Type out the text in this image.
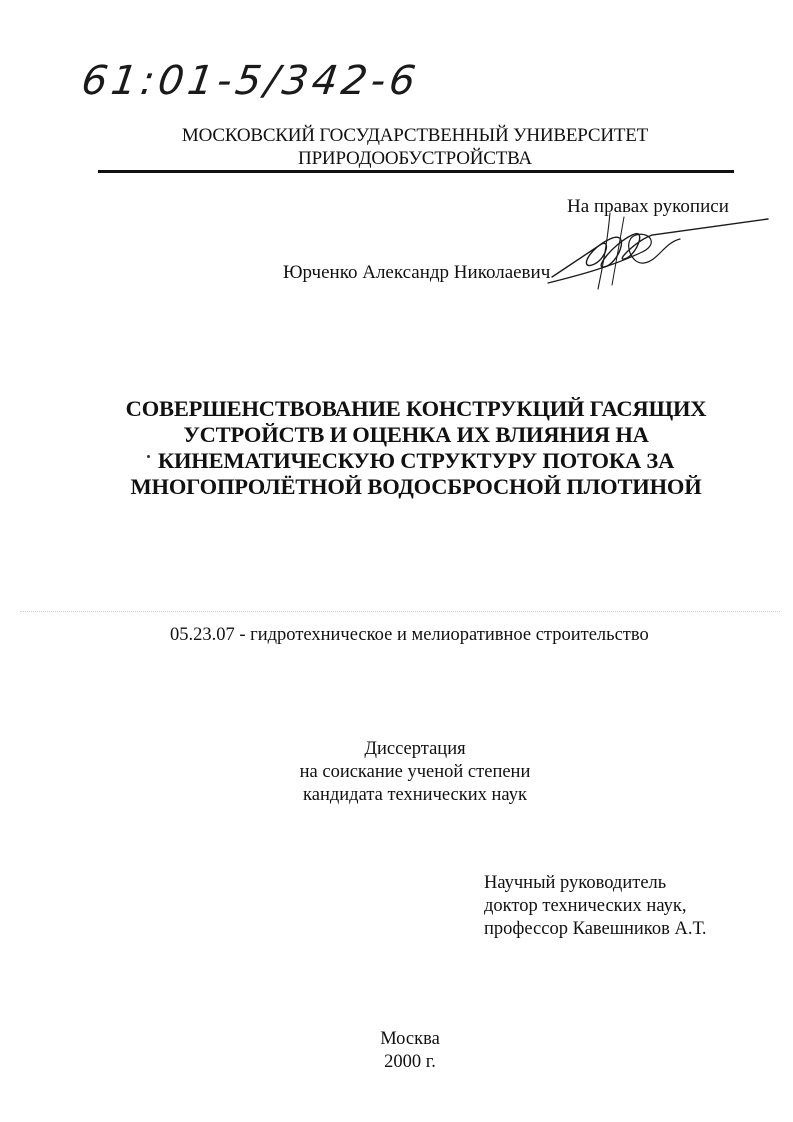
61:01-5/342-6
МОСКОВСКИЙ ГОСУДАРСТВЕННЫЙ УНИВЕРСИТЕТ
ПРИРОДООБУСТРОЙСТВА
На правах рукописи
Юрченко Александр Николаевич
СОВЕРШЕНСТВОВАНИЕ КОНСТРУКЦИЙ ГАСЯЩИХ
УСТРОЙСТВ И ОЦЕНКА ИХ ВЛИЯНИЯ НА
КИНЕМАТИЧЕСКУЮ СТРУКТУРУ ПОТОКА ЗА
МНОГОПРОЛЁТНОЙ ВОДОСБРОСНОЙ ПЛОТИНОЙ
05.23.07 - гидротехническое и мелиоративное строительство
Диссертация
на соискание ученой степени
кандидата технических наук
Научный руководитель
доктор технических наук,
профессор Кавешников А.Т.
Москва
2000 г.
